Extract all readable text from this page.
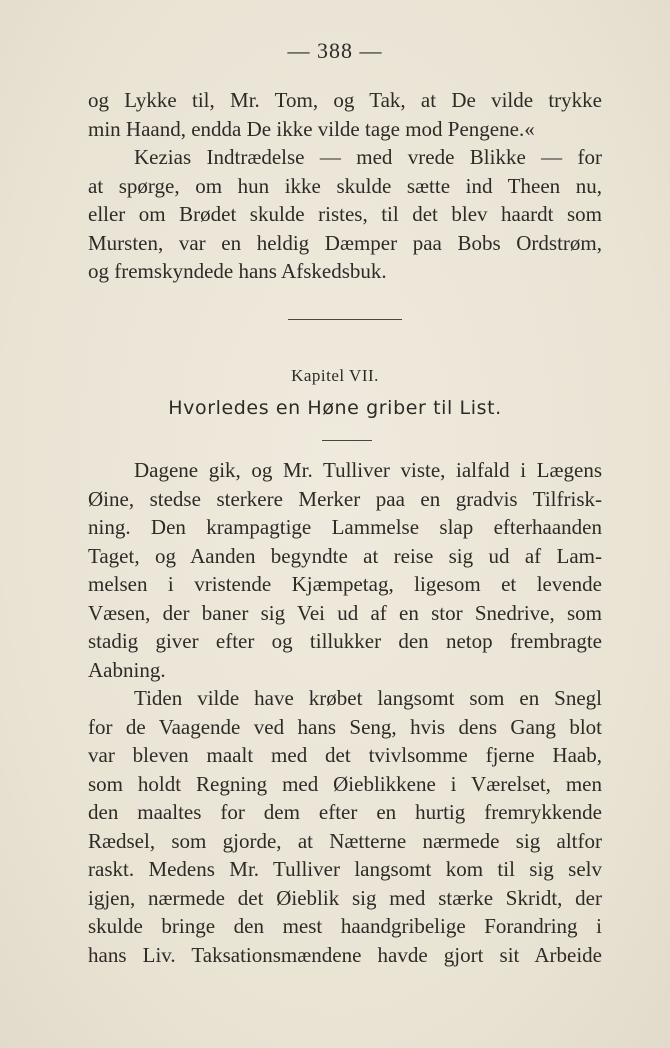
— 388 —
og Lykke til, Mr. Tom, og Tak, at De vilde trykke
min Haand, endda De ikke vilde tage mod Pengene.«
Kezias Indtrædelse — med vrede Blikke — for
at spørge, om hun ikke skulde sætte ind Theen nu,
eller om Brødet skulde ristes, til det blev haardt som
Mursten, var en heldig Dæmper paa Bobs Ordstrøm,
og fremskyndede hans Afskedsbuk.
Kapitel VII.
Hvorledes en Høne griber til List.
Dagene gik, og Mr. Tulliver viste, ialfald i Lægens
Øine, stedse sterkere Merker paa en gradvis Tilfrisk-
ning. Den krampagtige Lammelse slap efterhaanden
Taget, og Aanden begyndte at reise sig ud af Lam-
melsen i vristende Kjæmpetag, ligesom et levende
Væsen, der baner sig Vei ud af en stor Snedrive, som
stadig giver efter og tillukker den netop frembragte
Aabning.
Tiden vilde have krøbet langsomt som en Snegl
for de Vaagende ved hans Seng, hvis dens Gang blot
var bleven maalt med det tvivlsomme fjerne Haab,
som holdt Regning med Øieblikkene i Værelset, men
den maaltes for dem efter en hurtig fremrykkende
Rædsel, som gjorde, at Nætterne nærmede sig altfor
raskt. Medens Mr. Tulliver langsomt kom til sig selv
igjen, nærmede det Øieblik sig med stærke Skridt, der
skulde bringe den mest haandgribelige Forandring i
hans Liv. Taksationsmændene havde gjort sit Arbeide
